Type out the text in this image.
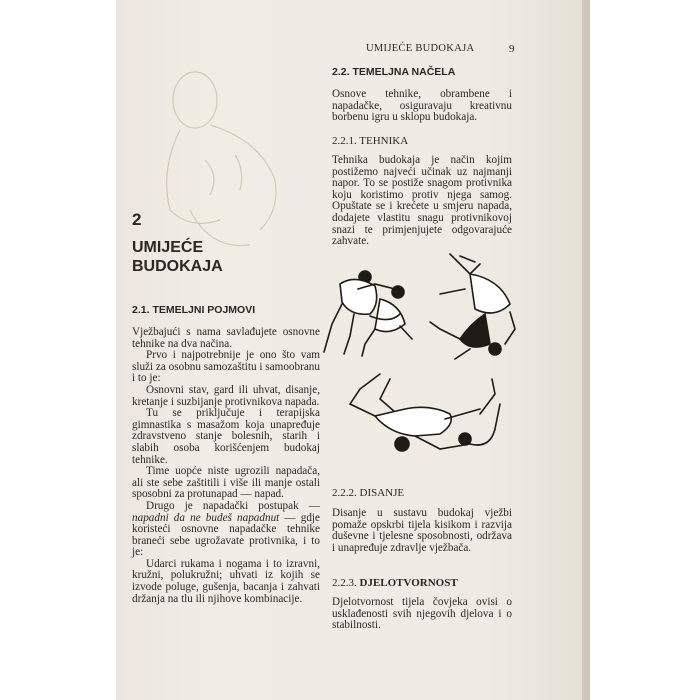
UMIJEĆE BUDOKAJA	9

2

UMIJEĆE
BUDOKAJA

2.1. TEMELJNI POJMOVI

Vježbajući s nama savlađujete osnovne tehnike na dva načina.

Prvo i najpotrebnije je ono što vam služi za osobnu samozaštitu i samoobranu i to je:

Osnovni stav, gard ili uhvat, disanje, kretanje i suzbijanje protivnikova napada.

Tu se priključuje i terapijska gimnastika s masažom koja unapređuje zdravstveno stanje bolesnih, starih i slabih osoba korišćenjem budokaj tehnike.

Time uopće niste ugrozili napadača, ali ste sebe zaštitili i više ili manje ostali sposobni za protunapad — napad.

Drugo je napadački postupak — napadni da ne budeš napadnut — gdje koristeći osnovne napadačke tehnike braneći sebe ugrožavate protivnika, i to je:

Udarci rukama i nogama i to izravni, kružni, polukružni; uhvati iz kojih se izvode poluge, gušenja, bacanja i zahvati držanja na tlu ili njihove kombinacije.

2.2. TEMELJNA NAČELA

Osnove tehnike, obrambene i napadačke, osiguravaju kreativnu borbenu igru u sklopu budokaja.

2.2.1. TEHNIKA

Tehnika budokaja je način kojim postižemo najveći učinak uz najmanji napor. To se postiže snagom protivnika koju koristimo protiv njega samog. Opuštate se i krećete u smjeru napada, dodajete vlastitu snagu protivnikovoj snazi te primjenjujete odgovarajuće zahvate.

2.2.2. DISANJE

Disanje u sustavu budokaj vježbi pomaže opskrbi tijela kisikom i razvija duševne i tjelesne sposobnosti, održava i unapređuje zdravlje vježbača.

2.2.3. DJELOTVORNOST

Djelotvornost tijela čovjeka ovisi o usklađenosti svih njegovih djelova i o stabilnosti.
